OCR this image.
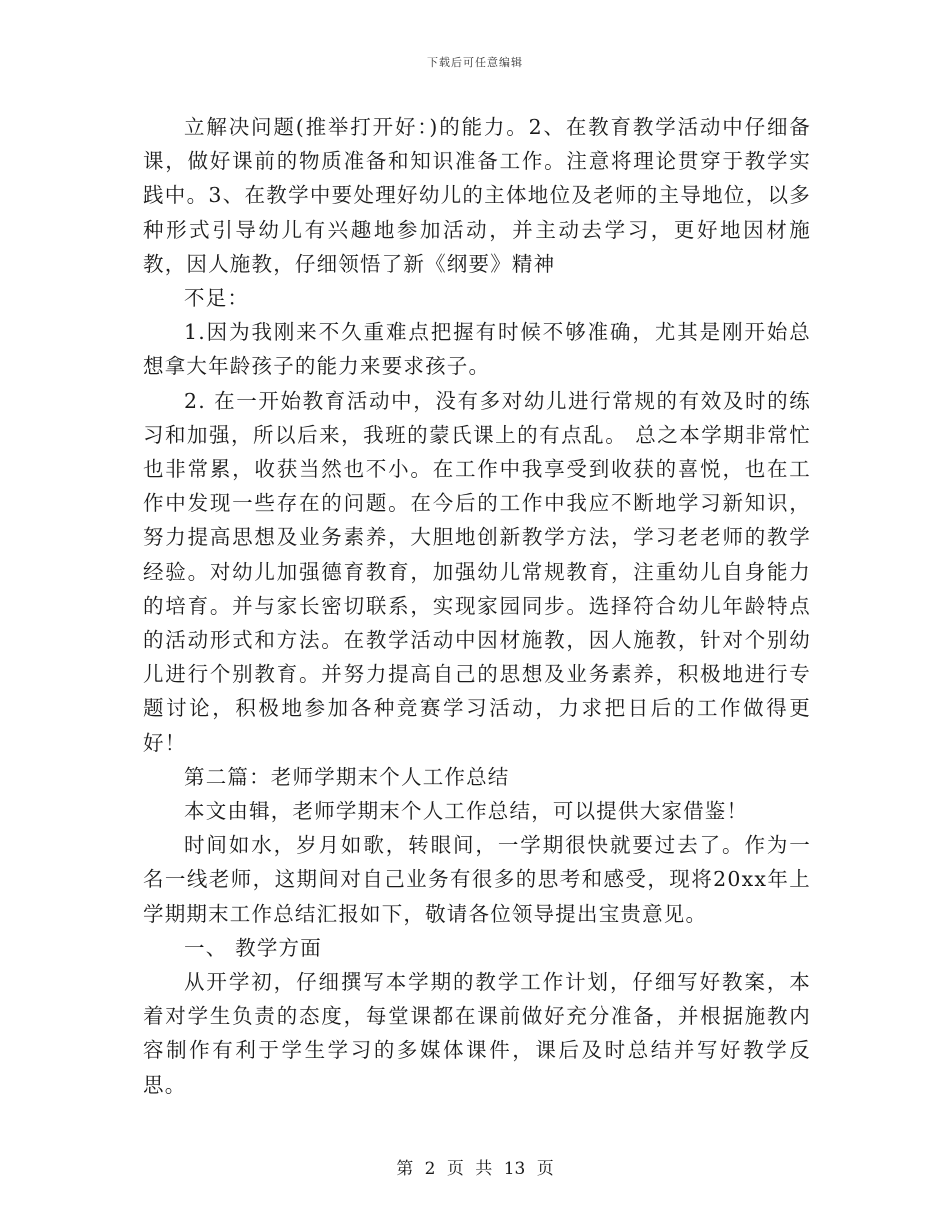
下载后可任意编辑

立解决问题(推举打开好：)的能力。2、在教育教学活动中仔细备课，做好课前的物质准备和知识准备工作。注意将理论贯穿于教学实践中。3、在教学中要处理好幼儿的主体地位及老师的主导地位，以多种形式引导幼儿有兴趣地参加活动，并主动去学习，更好地因材施教，因人施教，仔细领悟了新《纲要》精神

不足：

1.因为我刚来不久重难点把握有时候不够准确，尤其是刚开始总想拿大年龄孩子的能力来要求孩子。

2. 在一开始教育活动中，没有多对幼儿进行常规的有效及时的练习和加强，所以后来，我班的蒙氏课上的有点乱。 总之本学期非常忙也非常累，收获当然也不小。在工作中我享受到收获的喜悦，也在工作中发现一些存在的问题。在今后的工作中我应不断地学习新知识，努力提高思想及业务素养，大胆地创新教学方法，学习老老师的教学经验。对幼儿加强德育教育，加强幼儿常规教育，注重幼儿自身能力的培育。并与家长密切联系，实现家园同步。选择符合幼儿年龄特点的活动形式和方法。在教学活动中因材施教，因人施教，针对个别幼儿进行个别教育。并努力提高自己的思想及业务素养，积极地进行专题讨论，积极地参加各种竞赛学习活动，力求把日后的工作做得更好！

第二篇：老师学期末个人工作总结

本文由辑，老师学期末个人工作总结，可以提供大家借鉴！

时间如水，岁月如歌，转眼间，一学期很快就要过去了。作为一名一线老师，这期间对自己业务有很多的思考和感受，现将20xx年上学期期末工作总结汇报如下，敬请各位领导提出宝贵意见。

一、 教学方面

从开学初，仔细撰写本学期的教学工作计划，仔细写好教案，本着对学生负责的态度，每堂课都在课前做好充分准备，并根据施教内容制作有利于学生学习的多媒体课件，课后及时总结并写好教学反思。

第 2 页 共 13 页
